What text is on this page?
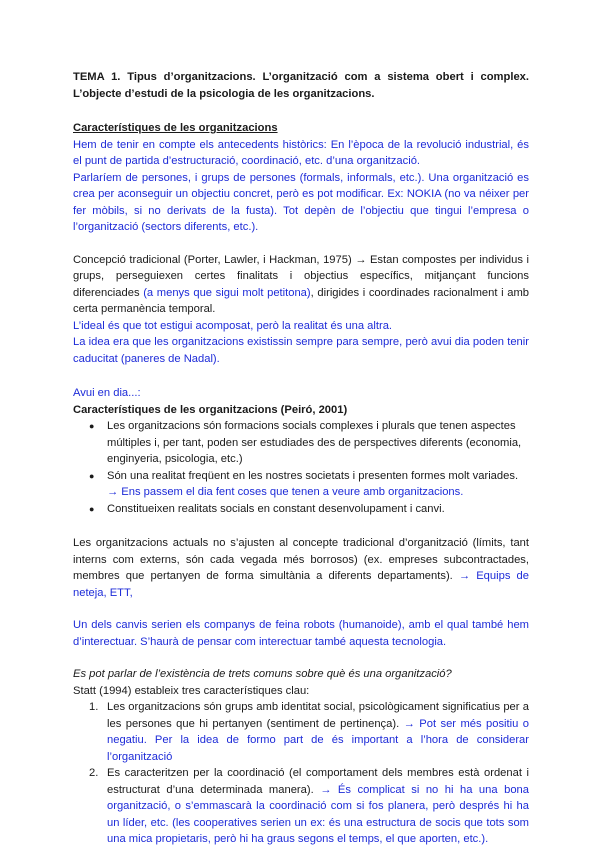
TEMA 1. Tipus d’organitzacions. L’organització com a sistema obert i complex. L’objecte d’estudi de la psicologia de les organitzacions.

Característiques de les organitzacions

Hem de tenir en compte els antecedents històrics: En l’època de la revolució industrial, és el punt de partida d’estructuració, coordinació, etc. d’una organització.

Parlaríem de persones, i grups de persones (formals, informals, etc.). Una organització es crea per aconseguir un objectiu concret, però es pot modificar. Ex: NOKIA (no va néixer per fer mòbils, si no derivats de la fusta). Tot depèn de l’objectiu que tingui l’empresa o l’organització (sectors diferents, etc.).

Concepció tradicional (Porter, Lawler, i Hackman, 1975) → Estan compostes per individus i grups, perseguiexen certes finalitats i objectius específics, mitjançant funcions diferenciades (a menys que sigui molt petitona), dirigides i coordinades racionalment i amb certa permanència temporal.

L’ideal és que tot estigui acomposat, però la realitat és una altra.

La idea era que les organitzacions existissin sempre para sempre, però avui dia poden tenir caducitat (paneres de Nadal).

Avui en dia...:

Característiques de les organitzacions (Peiró, 2001)

● Les organitzacions són formacions socials complexes i plurals que tenen aspectes múltiples i, per tant, poden ser estudiades des de perspectives diferents (economia, enginyeria, psicologia, etc.)
● Són una realitat freqüent en les nostres societats i presenten formes molt variades.
→ Ens passem el dia fent coses que tenen a veure amb organitzacions.
● Constitueixen realitats socials en constant desenvolupament i canvi.

Les organitzacions actuals no s’ajusten al concepte tradicional d’organització (límits, tant interns com externs, són cada vegada més borrosos) (ex. empreses subcontractades, membres que pertanyen de forma simultània a diferents departaments). → Equips de neteja, ETT,

Un dels canvis serien els companys de feina robots (humanoide), amb el qual també hem d’interectuar. S’haurà de pensar com interectuar també aquesta tecnologia.

Es pot parlar de l’existència de trets comuns sobre què és una organització?

Statt (1994) estableix tres característiques clau:

1. Les organitzacions són grups amb identitat social, psicològicament significatius per a les persones que hi pertanyen (sentiment de pertinença). → Pot ser més positiu o negatiu. Per la idea de formo part de és important a l’hora de considerar l’organització

2. Es caracteritzen per la coordinació (el comportament dels membres està ordenat i estructurat d’una determinada manera). → És complicat si no hi ha una bona organització, o s’emmascarà la coordinació com si fos planera, però després hi ha un líder, etc. (les cooperatives serien un ex: és una estructura de socis que tots som una mica propietaris, però hi ha graus segons el temps, el que aporten, etc.).
